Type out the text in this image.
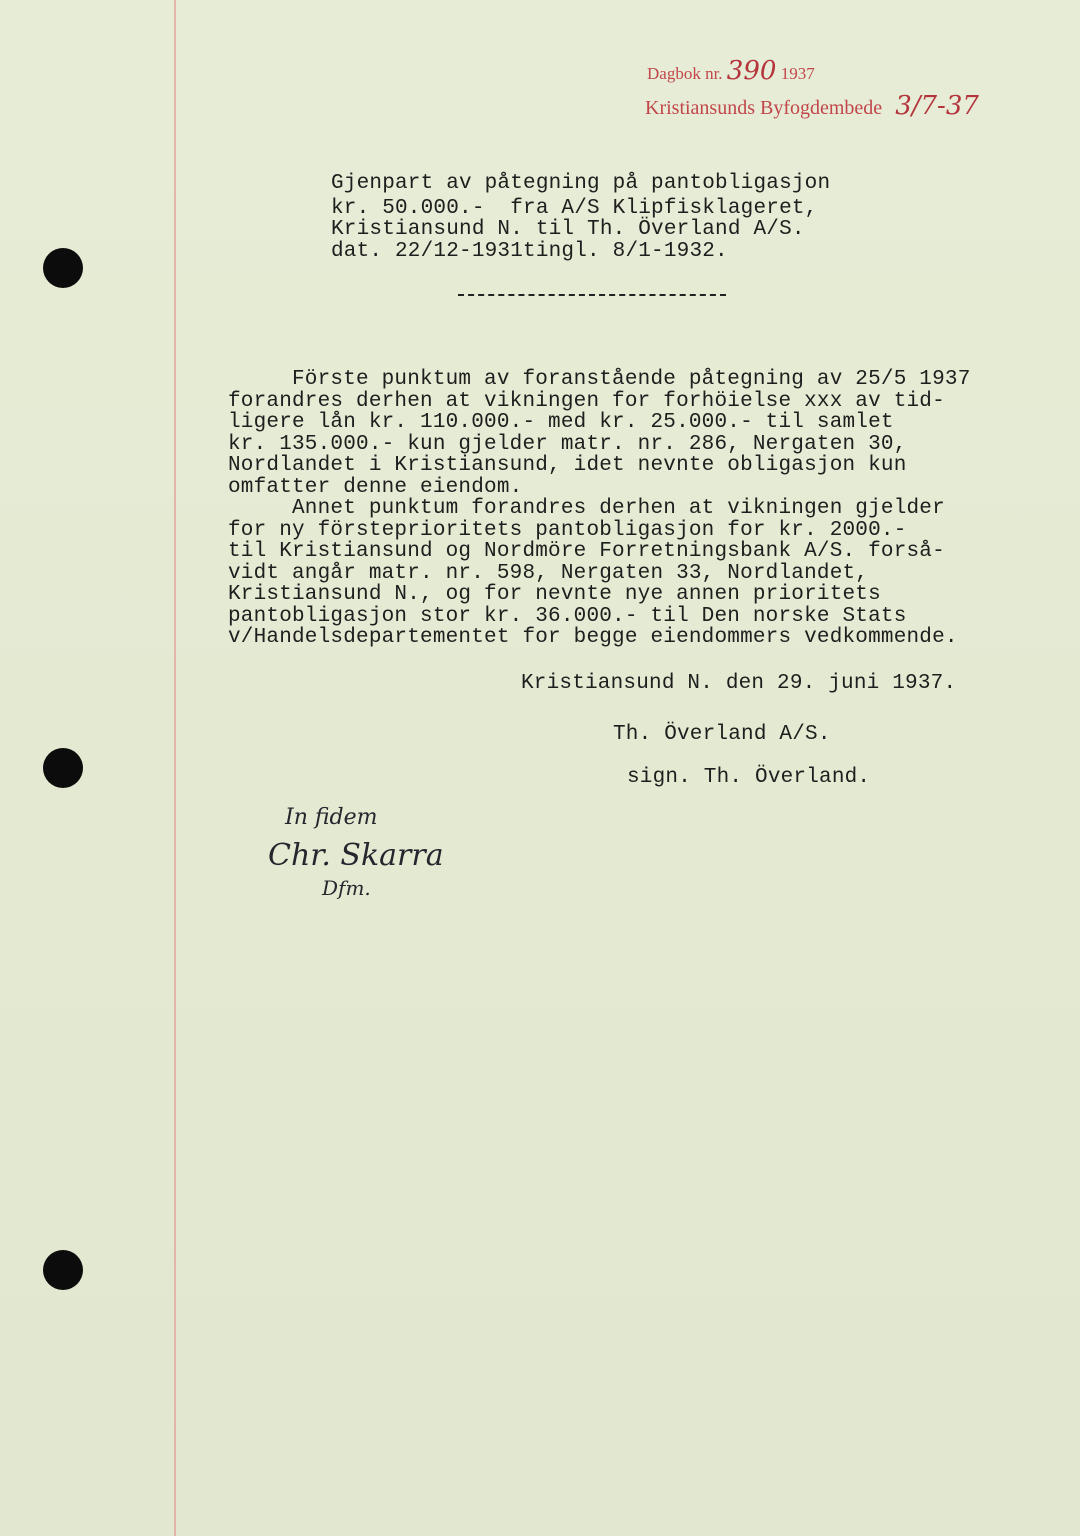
Dagbok nr. 390 1937
Kristiansunds Byfogdembede 3/7-37
Gjenpart av påtegning på pantobligasjon
kr. 50.000.-  fra A/S Klipfisklageret,
Kristiansund N. til Th. Överland A/S.
dat. 22/12-1931tingl. 8/1-1932.
Förste punktum av foranstående påtegning av 25/5 1937
forandres derhen at vikningen for forhöielse xxx av tid-
ligere lån kr. 110.000.- med kr. 25.000.- til samlet
kr. 135.000.- kun gjelder matr. nr. 286, Nergaten 30,
Nordlandet i Kristiansund, idet nevnte obligasjon kun
omfatter denne eiendom.
Annet punktum forandres derhen at vikningen gjelder
for ny försteprioritets pantobligasjon for kr. 2000.-
til Kristiansund og Nordmöre Forretningsbank A/S. forså-
vidt angår matr. nr. 598, Nergaten 33, Nordlandet,
Kristiansund N., og for nevnte nye annen prioritets
pantobligasjon stor kr. 36.000.- til Den norske Stats
v/Handelsdepartementet for begge eiendommers vedkommende.
Kristiansund N. den 29. juni 1937.
Th. Överland A/S.
sign. Th. Överland.
In fidem
Chr. Skarra
Dfm.
